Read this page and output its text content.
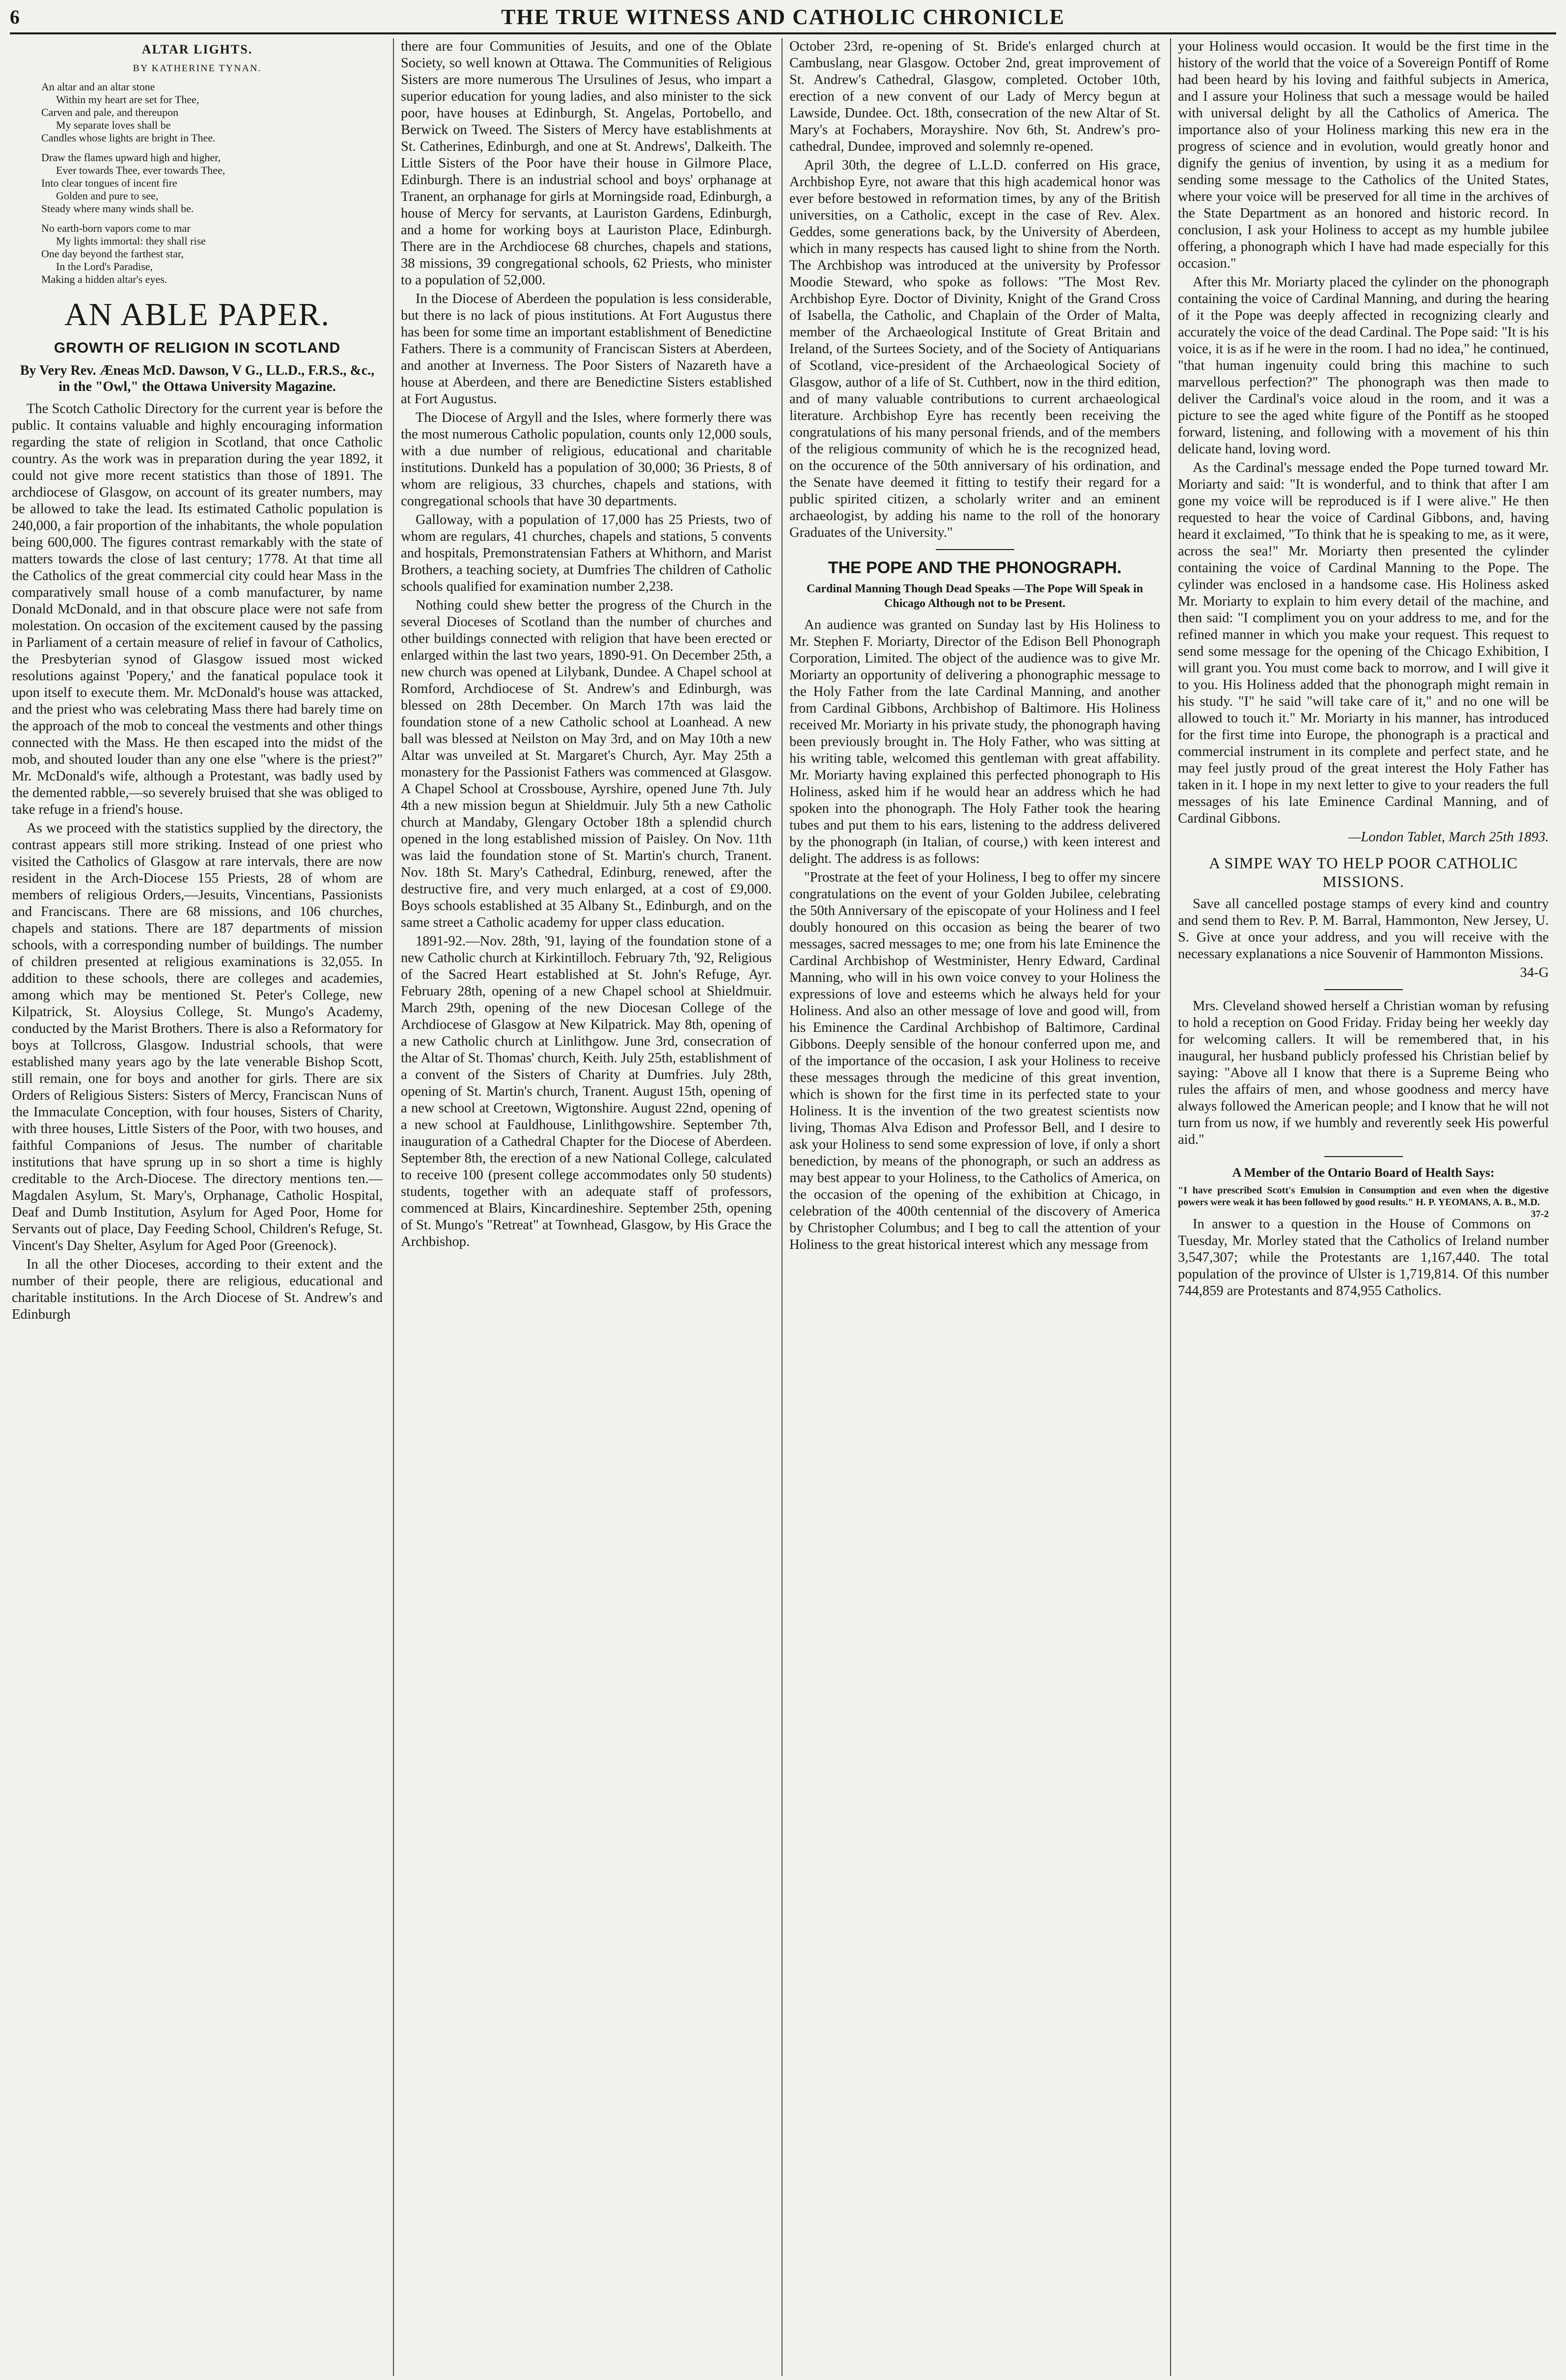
6	THE TRUE WITNESS AND CATHOLIC CHRONICLE
ALTAR LIGHTS.
BY KATHERINE TYNAN.
An altar and an altar stone
Within my heart are set for Thee,
Carven and pale, and thereupon
My separate loves shall be
Candles whose lights are bright in Thee.
Draw the flames upward high and higher,
Ever towards Thee, ever towards Thee,
Into clear tongues of incent fire
Golden and pure to see,
Steady where many winds shall be.
No earth-born vapors come to mar
My lights immortal: they shall rise
One day beyond the farthest star,
In the Lord's Paradise,
Making a hidden altar's eyes.
AN ABLE PAPER.
GROWTH OF RELIGION IN SCOTLAND
By Very Rev. Æneas McD. Dawson, V G., LL.D., F.R.S., &c., in the "Owl," the Ottawa University Magazine.

The Scotch Catholic Directory for the current year is before the public. It contains valuable and highly encouraging information regarding the state of religion in Scotland, that once Catholic country. As the work was in preparation during the year 1892, it could not give more recent statistics than those of 1891. The archdiocese of Glasgow, on account of its greater numbers, may be allowed to take the lead. Its estimated Catholic population is 240,000, a fair proportion of the inhabitants, the whole population being 600,000. The figures contrast remarkably with the state of matters towards the close of last century; 1778. At that time all the Catholics of the great commercial city could hear Mass in the comparatively small house of a comb manufacturer, by name Donald McDonald, and in that obscure place were not safe from molestation. On occasion of the excitement caused by the passing in Parliament of a certain measure of relief in favour of Catholics, the Presbyterian synod of Glasgow issued most wicked resolutions against 'Popery,' and the fanatical populace took it upon itself to execute them. Mr. McDonald's house was attacked, and the priest who was celebrating Mass there had barely time on the approach of the mob to conceal the vestments and other things connected with the Mass. He then escaped into the midst of the mob, and shouted louder than any one else "where is the priest?" Mr. McDonald's wife, although a Protestant, was badly used by the demented rabble,—so severely bruised that she was obliged to take refuge in a friend's house.

As we proceed with the statistics supplied by the directory, the contrast appears still more striking. Instead of one priest who visited the Catholics of Glasgow at rare intervals, there are now resident in the Arch-Diocese 155 Priests, 28 of whom are members of religious Orders,—Jesuits, Vincentians, Passionists and Franciscans. There are 68 missions, and 106 churches, chapels and stations. There are 187 departments of mission schools, with a corresponding number of buildings. The number of children presented at religious examinations is 32,055. In addition to these schools, there are colleges and academies, among which may be mentioned St. Peter's College, new Kilpatrick, St. Aloysius College, St. Mungo's Academy, conducted by the Marist Brothers. There is also a Reformatory for boys at Tollcross, Glasgow. Industrial schools, that were established many years ago by the late venerable Bishop Scott, still remain, one for boys and another for girls. There are six Orders of Religious Sisters: Sisters of Mercy, Franciscan Nuns of the Immaculate Conception, with four houses, Sisters of Charity, with three houses, Little Sisters of the Poor, with two houses, and faithful Companions of Jesus. The number of charitable institutions that have sprung up in so short a time is highly creditable to the Arch-Diocese. The directory mentions ten.—Magdalen Asylum, St. Mary's, Orphanage, Catholic Hospital, Deaf and Dumb Institution, Asylum for Aged Poor, Home for Servants out of place, Day Feeding School, Children's Refuge, St. Vincent's Day Shelter, Asylum for Aged Poor (Greenock).

In all the other Dioceses, according to their extent and the number of their people, there are religious, educational and charitable institutions. In the Arch Diocese of St. Andrew's and Edinburgh

there are four Communities of Jesuits, and one of the Oblate Society, so well known at Ottawa. The Communities of Religious Sisters are more numerous The Ursulines of Jesus, who impart a superior education for young ladies, and also minister to the sick poor, have houses at Edinburgh, St. Angelas, Portobello, and Berwick on Tweed. The Sisters of Mercy have establishments at St. Catherines, Edinburgh, and one at St. Andrews', Dalkeith. The Little Sisters of the Poor have their house in Gilmore Place, Edinburgh. There is an industrial school and boys' orphanage at Tranent, an orphanage for girls at Morningside road, Edinburgh, a house of Mercy for servants, at Lauriston Gardens, Edinburgh, and a home for working boys at Lauriston Place, Edinburgh. There are in the Archdiocese 68 churches, chapels and stations, 38 missions, 39 congregational schools, 62 Priests, who minister to a population of 52,000.

In the Diocese of Aberdeen the population is less considerable, but there is no lack of pious institutions. At Fort Augustus there has been for some time an important establishment of Benedictine Fathers. There is a community of Franciscan Sisters at Aberdeen, and another at Inverness. The Poor Sisters of Nazareth have a house at Aberdeen, and there are Benedictine Sisters established at Fort Augustus.

The Diocese of Argyll and the Isles, where formerly there was the most numerous Catholic population, counts only 12,000 souls, with a due number of religious, educational and charitable institutions. Dunkeld has a population of 30,000; 36 Priests, 8 of whom are religious, 33 churches, chapels and stations, with congregational schools that have 30 departments.

Galloway, with a population of 17,000 has 25 Priests, two of whom are regulars, 41 churches, chapels and stations, 5 convents and hospitals, Premonstratensian Fathers at Whithorn, and Marist Brothers, a teaching society, at Dumfries The children of Catholic schools qualified for examination number 2,238.

Nothing could shew better the progress of the Church in the several Dioceses of Scotland than the number of churches and other buildings connected with religion that have been erected or enlarged within the last two years, 1890-91. On December 25th, a new church was opened at Lilybank, Dundee. A Chapel school at Romford, Archdiocese of St. Andrew's and Edinburgh, was blessed on 28th December. On March 17th was laid the foundation stone of a new Catholic school at Loanhead. A new ball was blessed at Neilston on May 3rd, and on May 10th a new Altar was unveiled at St. Margaret's Church, Ayr. May 25th a monastery for the Passionist Fathers was commenced at Glasgow. A Chapel School at Crossbouse, Ayrshire, opened June 7th. July 4th a new mission begun at Shieldmuir. July 5th a new Catholic church at Mandaby, Glengary October 18th a splendid church opened in the long established mission of Paisley. On Nov. 11th was laid the foundation stone of St. Martin's church, Tranent. Nov. 18th St. Mary's Cathedral, Edinburg, renewed, after the destructive fire, and very much enlarged, at a cost of £9,000. Boys schools established at 35 Albany St., Edinburgh, and on the same street a Catholic academy for upper class education.

1891-92.—Nov. 28th, '91, laying of the foundation stone of a new Catholic church at Kirkintilloch. February 7th, '92, Religious of the Sacred Heart established at St. John's Refuge, Ayr. February 28th, opening of a new Chapel school at Shieldmuir. March 29th, opening of the new Diocesan College of the Archdiocese of Glasgow at New Kilpatrick. May 8th, opening of a new Catholic church at Linlithgow. June 3rd, consecration of the Altar of St. Thomas' church, Keith. July 25th, establishment of a convent of the Sisters of Charity at Dumfries. July 28th, opening of St. Martin's church, Tranent. August 15th, opening of a new school at Creetown, Wigtonshire. August 22nd, opening of a new school at Fauldhouse, Linlithgowshire. September 7th, inauguration of a Cathedral Chapter for the Diocese of Aberdeen. September 8th, the erection of a new National College, calculated to receive 100 (present college accommodates only 50 students) students, together with an adequate staff of professors, commenced at Blairs, Kincardineshire. September 25th, opening of St. Mungo's "Retreat" at Townhead, Glasgow, by His Grace the Archbishop.

October 23rd, re-opening of St. Bride's enlarged church at Cambuslang, near Glasgow. October 2nd, great improvement of St. Andrew's Cathedral, Glasgow, completed. October 10th, erection of a new convent of our Lady of Mercy begun at Lawside, Dundee. Oct. 18th, consecration of the new Altar of St. Mary's at Fochabers, Morayshire. Nov 6th, St. Andrew's pro-cathedral, Dundee, improved and solemnly re-opened.

April 30th, the degree of L.L.D. conferred on His grace, Archbishop Eyre, not aware that this high academical honor was ever before bestowed in reformation times, by any of the British universities, on a Catholic, except in the case of Rev. Alex. Geddes, some generations back, by the University of Aberdeen, which in many respects has caused light to shine from the North. The Archbishop was introduced at the university by Professor Moodie Steward, who spoke as follows: "The Most Rev. Archbishop Eyre. Doctor of Divinity, Knight of the Grand Cross of Isabella, the Catholic, and Chaplain of the Order of Malta, member of the Archaeological Institute of Great Britain and Ireland, of the Surtees Society, and of the Society of Antiquarians of Scotland, vice-president of the Archaeological Society of Glasgow, author of a life of St. Cuthbert, now in the third edition, and of many valuable contributions to current archaeological literature. Archbishop Eyre has recently been receiving the congratulations of his many personal friends, and of the members of the religious community of which he is the recognized head, on the occurence of the 50th anniversary of his ordination, and the Senate have deemed it fitting to testify their regard for a public spirited citizen, a scholarly writer and an eminent archaeologist, by adding his name to the roll of the honorary Graduates of the University."

THE POPE AND THE PHONOGRAPH.
Cardinal Manning Though Dead Speaks —The Pope Will Speak in Chicago Although not to be Present.

An audience was granted on Sunday last by His Holiness to Mr. Stephen F. Moriarty, Director of the Edison Bell Phonograph Corporation, Limited. The object of the audience was to give Mr. Moriarty an opportunity of delivering a phonographic message to the Holy Father from the late Cardinal Manning, and another from Cardinal Gibbons, Archbishop of Baltimore. His Holiness received Mr. Moriarty in his private study, the phonograph having been previously brought in. The Holy Father, who was sitting at his writing table, welcomed this gentleman with great affability. Mr. Moriarty having explained this perfected phonograph to His Holiness, asked him if he would hear an address which he had spoken into the phonograph. The Holy Father took the hearing tubes and put them to his ears, listening to the address delivered by the phonograph (in Italian, of course,) with keen interest and delight. The address is as follows:

"Prostrate at the feet of your Holiness, I beg to offer my sincere congratulations on the event of your Golden Jubilee, celebrating the 50th Anniversary of the episcopate of your Holiness and I feel doubly honoured on this occasion as being the bearer of two messages, sacred messages to me; one from his late Eminence the Cardinal Archbishop of Westminister, Henry Edward, Cardinal Manning, who will in his own voice convey to your Holiness the expressions of love and esteems which he always held for your Holiness. And also an other message of love and good will, from his Eminence the Cardinal Archbishop of Baltimore, Cardinal Gibbons. Deeply sensible of the honour conferred upon me, and of the importance of the occasion, I ask your Holiness to receive these messages through the medicine of this great invention, which is shown for the first time in its perfected state to your Holiness. It is the invention of the two greatest scientists now living, Thomas Alva Edison and Professor Bell, and I desire to ask your Holiness to send some expression of love, if only a short benediction, by means of the phonograph, or such an address as may best appear to your Holiness, to the Catholics of America, on the occasion of the opening of the exhibition at Chicago, in celebration of the 400th centennial of the discovery of America by Christopher Columbus; and I beg to call the attention of your Holiness to the great historical interest which any message from

your Holiness would occasion. It would be the first time in the history of the world that the voice of a Sovereign Pontiff of Rome had been heard by his loving and faithful subjects in America, and I assure your Holiness that such a message would be hailed with universal delight by all the Catholics of America. The importance also of your Holiness marking this new era in the progress of science and in evolution, would greatly honor and dignify the genius of invention, by using it as a medium for sending some message to the Catholics of the United States, where your voice will be preserved for all time in the archives of the State Department as an honored and historic record. In conclusion, I ask your Holiness to accept as my humble jubilee offering, a phonograph which I have had made especially for this occasion."

After this Mr. Moriarty placed the cylinder on the phonograph containing the voice of Cardinal Manning, and during the hearing of it the Pope was deeply affected in recognizing clearly and accurately the voice of the dead Cardinal. The Pope said: "It is his voice, it is as if he were in the room. I had no idea," he continued, "that human ingenuity could bring this machine to such marvellous perfection?" The phonograph was then made to deliver the Cardinal's voice aloud in the room, and it was a picture to see the aged white figure of the Pontiff as he stooped forward, listening, and following with a movement of his thin delicate hand, loving word.

As the Cardinal's message ended the Pope turned toward Mr. Moriarty and said: "It is wonderful, and to think that after I am gone my voice will be reproduced is if I were alive." He then requested to hear the voice of Cardinal Gibbons, and, having heard it exclaimed, "To think that he is speaking to me, as it were, across the sea!" Mr. Moriarty then presented the cylinder containing the voice of Cardinal Manning to the Pope. The cylinder was enclosed in a handsome case. His Holiness asked Mr. Moriarty to explain to him every detail of the machine, and then said: "I compliment you on your address to me, and for the refined manner in which you make your request. This request to send some message for the opening of the Chicago Exhibition, I will grant you. You must come back to morrow, and I will give it to you. His Holiness added that the phonograph might remain in his study. "I" he said "will take care of it," and no one will be allowed to touch it." Mr. Moriarty in his manner, has introduced for the first time into Europe, the phonograph is a practical and commercial instrument in its complete and perfect state, and he may feel justly proud of the great interest the Holy Father has taken in it. I hope in my next letter to give to your readers the full messages of his late Eminence Cardinal Manning, and of Cardinal Gibbons.

—London Tablet, March 25th 1893.
A SIMPE WAY TO HELP POOR CATHOLIC MISSIONS.

Save all cancelled postage stamps of every kind and country and send them to Rev. P. M. Barral, Hammonton, New Jersey, U. S. Give at once your address, and you will receive with the necessary explanations a nice Souvenir of Hammonton Missions.

34-G

Mrs. Cleveland showed herself a Christian woman by refusing to hold a reception on Good Friday. Friday being her weekly day for welcoming callers. It will be remembered that, in his inaugural, her husband publicly professed his Christian belief by saying: "Above all I know that there is a Supreme Being who rules the affairs of men, and whose goodness and mercy have always followed the American people; and I know that he will not turn from us now, if we humbly and reverently seek His powerful aid."

A Member of the Ontario Board of Health Says:
"I have prescribed Scott's Emulsion in Consumption and even when the digestive powers were weak it has been followed by good results." H. P. YEOMANS, A. B., M.D.
37-2

In answer to a question in the House of Commons on Tuesday, Mr. Morley stated that the Catholics of Ireland number 3,547,307; while the Protestants are 1,167,440. The total population of the province of Ulster is 1,719,814. Of this number 744,859 are Protestants and 874,955 Catholics.
